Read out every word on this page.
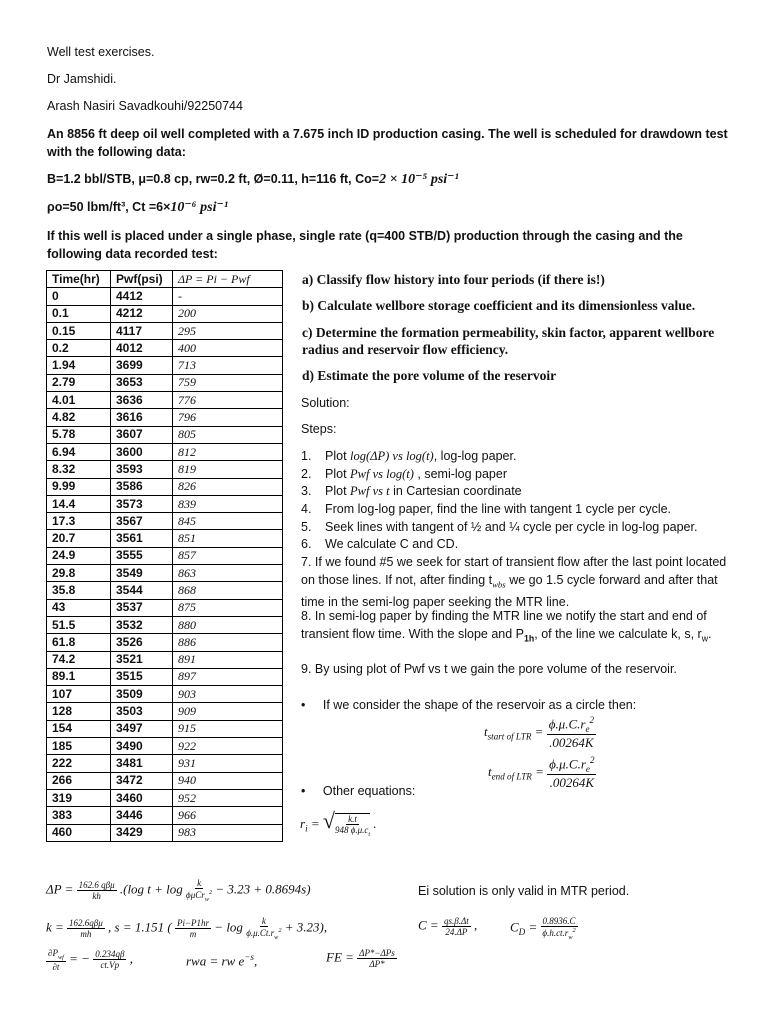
Well test exercises.
Dr Jamshidi.
Arash Nasiri Savadkouhi/92250744
An 8856 ft deep oil well completed with a 7.675 inch ID production casing. The well is scheduled for drawdown test with the following data:
B=1.2 bbl/STB, μ=0.8 cp, rw=0.2 ft, Ø=0.11, h=116 ft, Co=2 × 10⁻⁵ psi⁻¹
ρo=50 lbm/ft³, Ct =6×10⁻⁶ psi⁻¹
If this well is placed under a single phase, single rate (q=400 STB/D) production through the casing and the following data recorded test:
Time(hr)	Pwf(psi)	ΔP = Pi − Pwf
0	4412	-
0.1	4212	200
0.15	4117	295
0.2	4012	400
1.94	3699	713
2.79	3653	759
4.01	3636	776
4.82	3616	796
5.78	3607	805
6.94	3600	812
8.32	3593	819
9.99	3586	826
14.4	3573	839
17.3	3567	845
20.7	3561	851
24.9	3555	857
29.8	3549	863
35.8	3544	868
43	3537	875
51.5	3532	880
61.8	3526	886
74.2	3521	891
89.1	3515	897
107	3509	903
128	3503	909
154	3497	915
185	3490	922
222	3481	931
266	3472	940
319	3460	952
383	3446	966
460	3429	983
a) Classify flow history into four periods (if there is!)
b) Calculate wellbore storage coefficient and its dimensionless value.
c) Determine the formation permeability, skin factor, apparent wellbore radius and reservoir flow efficiency.
d) Estimate the pore volume of the reservoir
Solution:
Steps:
1. Plot log(ΔP) vs log(t), log-log paper.
2. Plot Pwf vs log(t) , semi-log paper
3. Plot Pwf vs t in Cartesian coordinate
4. From log-log paper, find the line with tangent 1 cycle per cycle.
5. Seek lines with tangent of ½ and ¼ cycle per cycle in log-log paper.
6. We calculate C and CD.
7. If we found #5 we seek for start of transient flow after the last point located on those lines. If not, after finding $t_{wbs}$ we go 1.5 cycle forward and after that time in the semi-log paper seeking the MTR line.
8. In semi-log paper by finding the MTR line we notify the start and end of transient flow time. With the slope and $P_{1h}$, of the line we calculate k, s, $r_w$.
9. By using plot of Pwf vs t we gain the pore volume of the reservoir.
• If we consider the shape of the reservoir as a circle then:
$t_{start of LTR} = \frac{\phi.\mu.C.r_e^2}{.00264K}$
$t_{end of LTR} = \frac{\phi.\mu.C.r_e^2}{.00264K}$
• Other equations:
$r_i$ = √ $\frac{k.t}{948 \phi.\mu.c_t}$ .
$\Delta P = \frac{\text{162.6 qβμ}}{kh} .(\log$ $t + \log \frac{k}{\phi\mu Cr_w^2} - 3.23 + 0.8694s$)	Ei solution is only valid in MTR period.
$k = \frac{\text{162.6qβμ}}{mh}$ , s = 1.151 ( $\frac{Pi-P1hr}{m} - \log \frac{k}{\phi.\mu.Ct.r_w^2} + 3.23$),	$C = \frac{qs.\beta.\Delta t}{24.\Delta P}$ ,	$C_D = \frac{0.8936.C}{\phi.h.ct.r_w^2}$
$\frac{\partial P_{wf}}{\partial t}$ = − $\frac{0.234q\beta}{ct.Vp}$ ,	rwa = rw $e^{-s}$,	FE = $\frac{\text{ΔP*−ΔPs}}{\Delta P*}$
